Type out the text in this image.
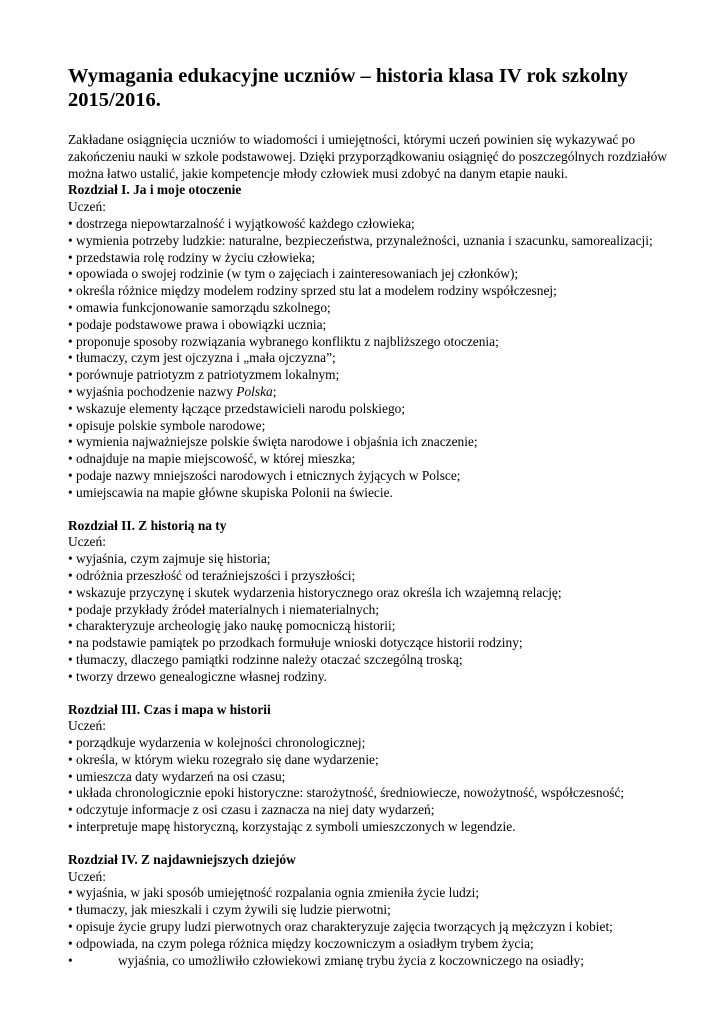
Wymagania edukacyjne uczniów – historia klasa IV rok szkolny 2015/2016.

Zakładane osiągnięcia uczniów to wiadomości i umiejętności, którymi uczeń powinien się wykazywać po zakończeniu nauki w szkole podstawowej. Dzięki przyporządkowaniu osiągnięć do poszczególnych rozdziałów można łatwo ustalić, jakie kompetencje młody człowiek musi zdobyć na danym etapie nauki.

Rozdział I. Ja i moje otoczenie
Uczeń:
• dostrzega niepowtarzalność i wyjątkowość każdego człowieka;
• wymienia potrzeby ludzkie: naturalne, bezpieczeństwa, przynależności, uznania i szacunku, samorealizacji;
• przedstawia rolę rodziny w życiu człowieka;
• opowiada o swojej rodzinie (w tym o zajęciach i zainteresowaniach jej członków);
• określa różnice między modelem rodziny sprzed stu lat a modelem rodziny współczesnej;
• omawia funkcjonowanie samorządu szkolnego;
• podaje podstawowe prawa i obowiązki ucznia;
• proponuje sposoby rozwiązania wybranego konfliktu z najbliższego otoczenia;
• tłumaczy, czym jest ojczyzna i „mała ojczyzna”;
• porównuje patriotyzm z patriotyzmem lokalnym;
• wyjaśnia pochodzenie nazwy Polska;
• wskazuje elementy łączące przedstawicieli narodu polskiego;
• opisuje polskie symbole narodowe;
• wymienia najważniejsze polskie święta narodowe i objaśnia ich znaczenie;
• odnajduje na mapie miejscowość, w której mieszka;
• podaje nazwy mniejszości narodowych i etnicznych żyjących w Polsce;
• umiejscawia na mapie główne skupiska Polonii na świecie.
Rozdział II. Z historią na ty
Uczeń:
• wyjaśnia, czym zajmuje się historia;
• odróżnia przeszłość od teraźniejszości i przyszłości;
• wskazuje przyczynę i skutek wydarzenia historycznego oraz określa ich wzajemną relację;
• podaje przykłady źródeł materialnych i niematerialnych;
• charakteryzuje archeologię jako naukę pomocniczą historii;
• na podstawie pamiątek po przodkach formułuje wnioski dotyczące historii rodziny;
• tłumaczy, dlaczego pamiątki rodzinne należy otaczać szczególną troską;
• tworzy drzewo genealogiczne własnej rodziny.
Rozdział III. Czas i mapa w historii
Uczeń:
• porządkuje wydarzenia w kolejności chronologicznej;
• określa, w którym wieku rozegrało się dane wydarzenie;
• umieszcza daty wydarzeń na osi czasu;
• układa chronologicznie epoki historyczne: starożytność, średniowiecze, nowożytność, współczesność;
• odczytuje informacje z osi czasu i zaznacza na niej daty wydarzeń;
• interpretuje mapę historyczną, korzystając z symboli umieszczonych w legendzie.
Rozdział IV. Z najdawniejszych dziejów
Uczeń:
• wyjaśnia, w jaki sposób umiejętność rozpalania ognia zmieniła życie ludzi;
• tłumaczy, jak mieszkali i czym żywili się ludzie pierwotni;
• opisuje życie grupy ludzi pierwotnych oraz charakteryzuje zajęcia tworzących ją mężczyzn i kobiet;
• odpowiada, na czym polega różnica między koczowniczym a osiadłym trybem życia;
•	wyjaśnia, co umożliwiło człowiekowi zmianę trybu życia z koczowniczego na osiadły;
